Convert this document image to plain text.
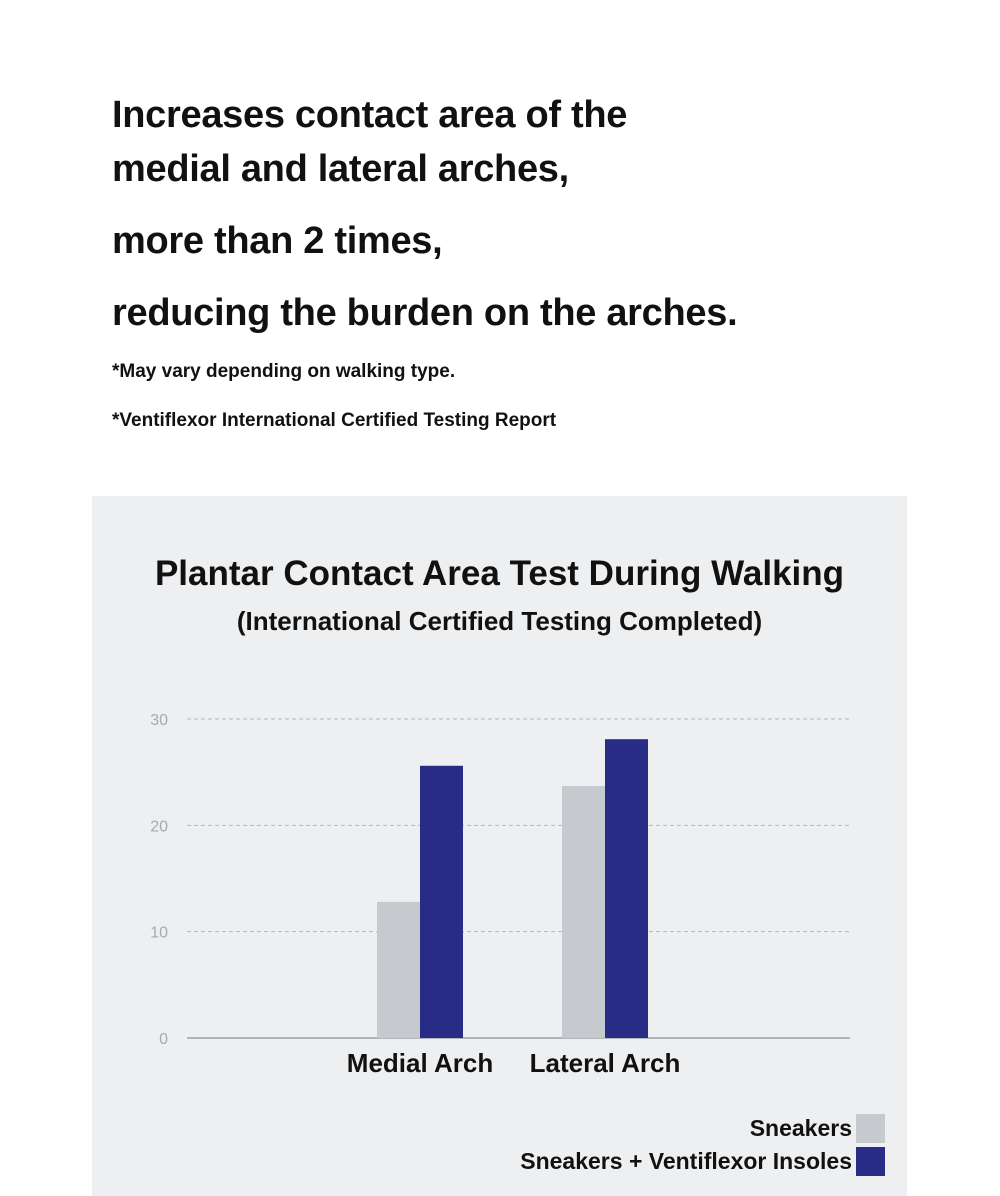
Increases contact area of the
medial and lateral arches,
more than 2 times,
reducing the burden on the arches.
*May vary depending on walking type.
*Ventiflexor International Certified Testing Report
Plantar Contact Area Test During Walking
(International Certified Testing Completed)
0
10
20
30
Medial Arch Lateral Arch
Sneakers
Sneakers + Ventiflexor Insoles
